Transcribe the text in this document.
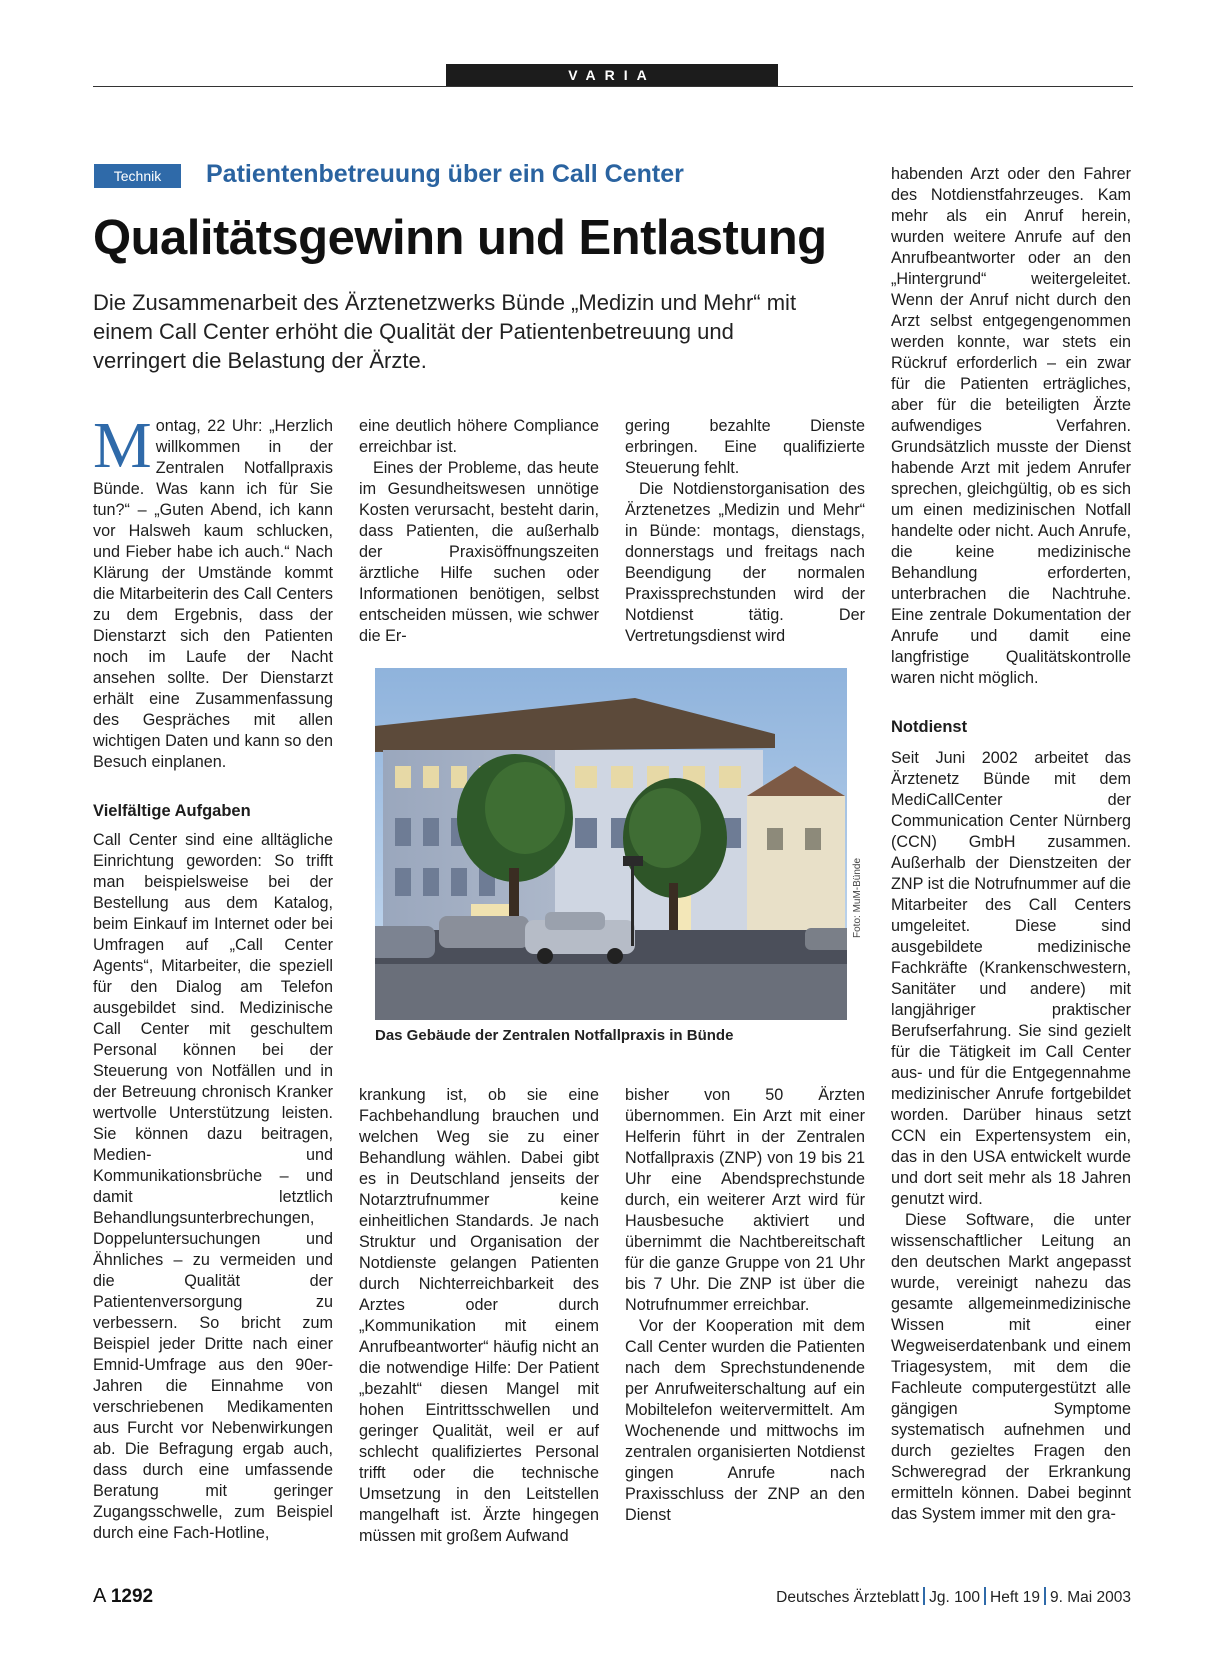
VARIA
Technik	Patientenbetreuung über ein Call Center
Qualitätsgewinn und Entlastung
Die Zusammenarbeit des Ärztenetzwerks Bünde „Medizin und Mehr“ mit einem Call Center erhöht die Qualität der Patientenbetreuung und verringert die Belastung der Ärzte.

Montag, 22 Uhr: „Herzlich willkommen in der Zentralen Notfallpraxis Bünde. Was kann ich für Sie tun?“ – „Guten Abend, ich kann vor Halsweh kaum schlucken, und Fieber habe ich auch.“ Nach Klärung der Umstände kommt die Mitarbeiterin des Call Centers zu dem Ergebnis, dass der Dienstarzt sich den Patienten noch im Laufe der Nacht ansehen sollte. Der Dienstarzt erhält eine Zusammenfassung des Gespräches mit allen wichtigen Daten und kann so den Besuch einplanen.

Vielfältige Aufgaben

Call Center sind eine alltägliche Einrichtung geworden: So trifft man beispielsweise bei der Bestellung aus dem Katalog, beim Einkauf im Internet oder bei Umfragen auf „Call Center Agents“, Mitarbeiter, die speziell für den Dialog am Telefon ausgebildet sind. Medizinische Call Center mit geschultem Personal können bei der Steuerung von Notfällen und in der Betreuung chronisch Kranker wertvolle Unterstützung leisten. Sie können dazu beitragen, Medien- und Kommunikationsbrüche – und damit letztlich Behandlungsunterbrechungen, Doppeluntersuchungen und Ähnliches – zu vermeiden und die Qualität der Patientenversorgung zu verbessern. So bricht zum Beispiel jeder Dritte nach einer Emnid-Umfrage aus den 90er-Jahren die Einnahme von verschriebenen Medikamenten aus Furcht vor Nebenwirkungen ab. Die Befragung ergab auch, dass durch eine umfassende Beratung mit geringer Zugangsschwelle, zum Beispiel durch eine Fach-Hotline,

eine deutlich höhere Compliance erreichbar ist.

Eines der Probleme, das heute im Gesundheitswesen unnötige Kosten verursacht, besteht darin, dass Patienten, die außerhalb der Praxisöffnungszeiten ärztliche Hilfe suchen oder Informationen benötigen, selbst entscheiden müssen, wie schwer die Er-

gering bezahlte Dienste erbringen. Eine qualifizierte Steuerung fehlt.

Die Notdienstorganisation des Ärztenetzes „Medizin und Mehr“ in Bünde: montags, dienstags, donnerstags und freitags nach Beendigung der normalen Praxissprechstunden wird der Notdienst tätig. Der Vertretungsdienst wird

Foto: MuM-Bünde
Das Gebäude der Zentralen Notfallpraxis in Bünde

krankung ist, ob sie eine Fachbehandlung brauchen und welchen Weg sie zu einer Behandlung wählen. Dabei gibt es in Deutschland jenseits der Notarztrufnummer keine einheitlichen Standards. Je nach Struktur und Organisation der Notdienste gelangen Patienten durch Nichterreichbarkeit des Arztes oder durch „Kommunikation mit einem Anrufbeantworter“ häufig nicht an die notwendige Hilfe: Der Patient „bezahlt“ diesen Mangel mit hohen Eintrittsschwellen und geringer Qualität, weil er auf schlecht qualifiziertes Personal trifft oder die technische Umsetzung in den Leitstellen mangelhaft ist. Ärzte hingegen müssen mit großem Aufwand

bisher von 50 Ärzten übernommen. Ein Arzt mit einer Helferin führt in der Zentralen Notfallpraxis (ZNP) von 19 bis 21 Uhr eine Abendsprechstunde durch, ein weiterer Arzt wird für Hausbesuche aktiviert und übernimmt die Nachtbereitschaft für die ganze Gruppe von 21 Uhr bis 7 Uhr. Die ZNP ist über die Notrufnummer erreichbar.

Vor der Kooperation mit dem Call Center wurden die Patienten nach dem Sprechstundenende per Anrufweiterschaltung auf ein Mobiltelefon weitervermittelt. Am Wochenende und mittwochs im zentralen organisierten Notdienst gingen Anrufe nach Praxisschluss der ZNP an den Dienst

habenden Arzt oder den Fahrer des Notdienstfahrzeuges. Kam mehr als ein Anruf herein, wurden weitere Anrufe auf den Anrufbeantworter oder an den „Hintergrund“ weitergeleitet. Wenn der Anruf nicht durch den Arzt selbst entgegengenommen werden konnte, war stets ein Rückruf erforderlich – ein zwar für die Patienten erträgliches, aber für die beteiligten Ärzte aufwendiges Verfahren. Grundsätzlich musste der Dienst habende Arzt mit jedem Anrufer sprechen, gleichgültig, ob es sich um einen medizinischen Notfall handelte oder nicht. Auch Anrufe, die keine medizinische Behandlung erforderten, unterbrachen die Nachtruhe. Eine zentrale Dokumentation der Anrufe und damit eine langfristige Qualitätskontrolle waren nicht möglich.

Notdienst

Seit Juni 2002 arbeitet das Ärztenetz Bünde mit dem MediCallCenter der Communication Center Nürnberg (CCN) GmbH zusammen. Außerhalb der Dienstzeiten der ZNP ist die Notrufnummer auf die Mitarbeiter des Call Centers umgeleitet. Diese sind ausgebildete medizinische Fachkräfte (Krankenschwestern, Sanitäter und andere) mit langjähriger praktischer Berufserfahrung. Sie sind gezielt für die Tätigkeit im Call Center aus- und für die Entgegennahme medizinischer Anrufe fortgebildet worden. Darüber hinaus setzt CCN ein Expertensystem ein, das in den USA entwickelt wurde und dort seit mehr als 18 Jahren genutzt wird.

Diese Software, die unter wissenschaftlicher Leitung an den deutschen Markt angepasst wurde, vereinigt nahezu das gesamte allgemeinmedizinische Wissen mit einer Wegweiserdatenbank und einem Triagesystem, mit dem die Fachleute computergestützt alle gängigen Symptome systematisch aufnehmen und durch gezieltes Fragen den Schweregrad der Erkrankung ermitteln können. Dabei beginnt das System immer mit den gra-

A 1292	Deutsches Ärzteblatt Jg. 100 Heft 19 9. Mai 2003
